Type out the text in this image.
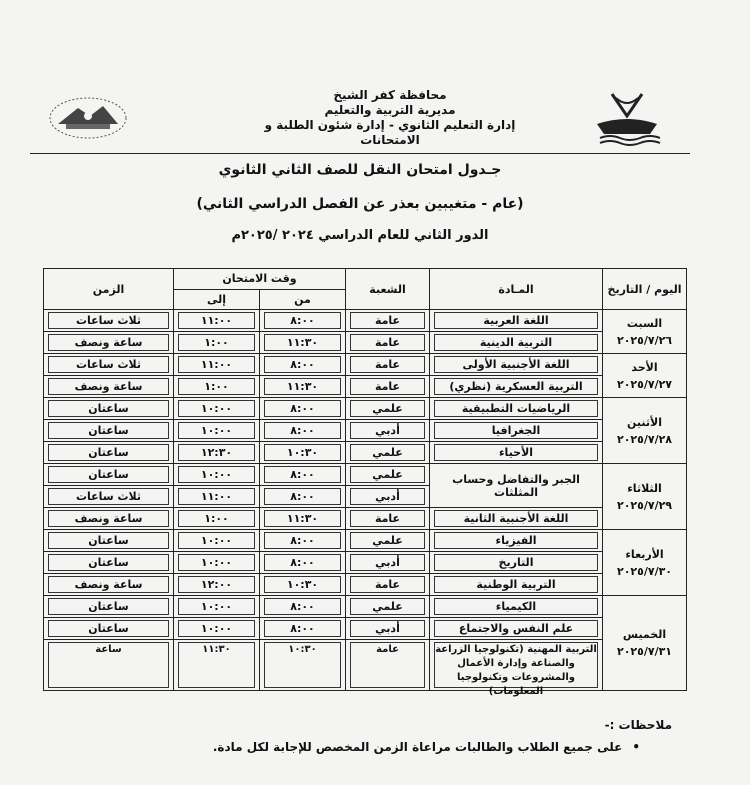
محافظة كفر الشيخ
مديرية التربية والتعليم
إدارة التعليم الثانوي - إدارة شئون الطلبة و الامتحانات
جـدول امتحان النقل للصف الثاني الثانوي
(عام - متغيبين بعذر عن الفصل الدراسي الثاني)
الدور الثاني للعام الدراسي ٢٠٢٤ /٢٠٢٥م
اليوم / التاريخ	المـادة	الشعبة	وقت الامتحان		الزمن
			من	إلى	

السبت
٢٠٢٥/٧/٢٦	اللغة العربية	عامة	٨:٠٠	١١:٠٠	ثلاث ساعات

	التربية الدينية	عامة	١١:٣٠	١:٠٠	ساعة ونصف

الأحد
٢٠٢٥/٧/٢٧	اللغة الأجنبية الأولى	عامة	٨:٠٠	١١:٠٠	ثلاث ساعات

	التربية العسكرية (نظري)	عامة	١١:٣٠	١:٠٠	ساعة ونصف

الأثنين
٢٠٢٥/٧/٢٨	الرياضيات التطبيقية	علمي	٨:٠٠	١٠:٠٠	ساعتان

	الجغرافيا	أدبي	٨:٠٠	١٠:٠٠	ساعتان

	الأحياء	علمي	١٠:٣٠	١٢:٣٠	ساعتان

الثلاثاء
٢٠٢٥/٧/٢٩	الجبر والتفاضل وحساب المثلثات	علمي	٨:٠٠	١٠:٠٠	ساعتان

		أدبي	٨:٠٠	١١:٠٠	ثلاث ساعات

	اللغة الأجنبية الثانية	عامة	١١:٣٠	١:٠٠	ساعة ونصف

الأربعاء
٢٠٢٥/٧/٣٠	الفيزياء	علمي	٨:٠٠	١٠:٠٠	ساعتان

	التاريخ	أدبي	٨:٠٠	١٠:٠٠	ساعتان

	التربية الوطنية	عامة	١٠:٣٠	١٢:٠٠	ساعة ونصف

الخميس
٢٠٢٥/٧/٣١	الكيمياء	علمي	٨:٠٠	١٠:٠٠	ساعتان

	علم النفس والاجتماع	أدبي	٨:٠٠	١٠:٠٠	ساعتان

	التربية المهنية (تكنولوجيا الزراعة والصناعة وإدارة الأعمال والمشروعات وتكنولوجيا المعلومات)	عامة	١٠:٣٠	١١:٣٠	ساعة
ملاحظات :-
• على جميع الطلاب والطالبات مراعاة الزمن المخصص للإجابة لكل مادة.
